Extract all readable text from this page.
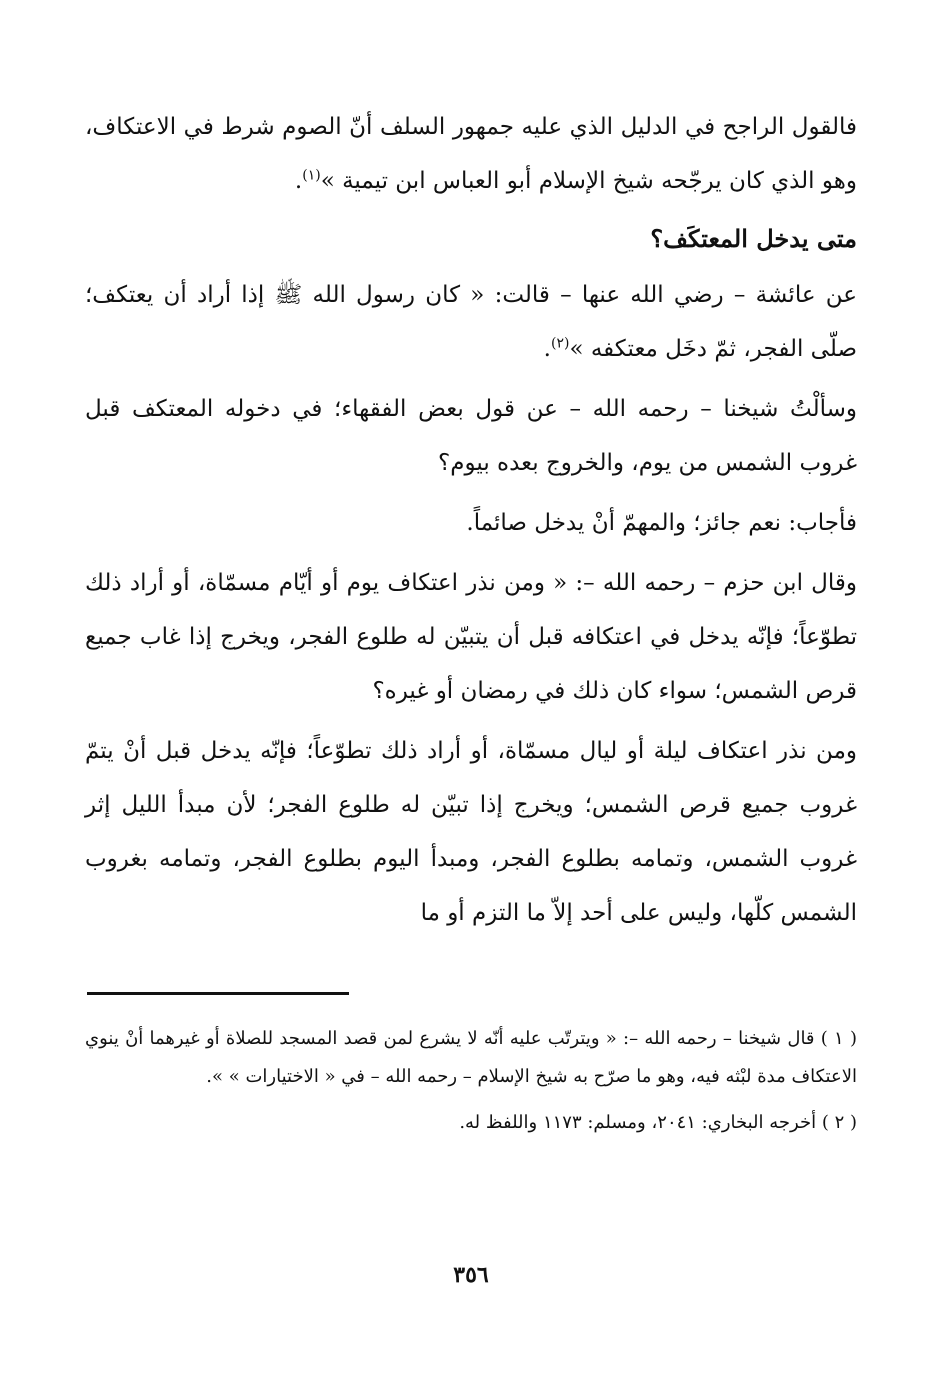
فالقول الراجح في الدليل الذي عليه جمهور السلف أنّ الصوم شرط في الاعتكاف، وهو الذي كان يرجّحه شيخ الإسلام أبو العباس ابن تيمية »$^{(١)}$.

متى يدخل المعتكَف؟

عن عائشة – رضي الله عنها – قالت: « كان رسول الله ﷺ إذا أراد أن يعتكف؛ صلّى الفجر، ثمّ دخَل معتكفه »$^{(٢)}$.

وسألْتُ شيخنا – رحمه الله – عن قول بعض الفقهاء؛ في دخوله المعتكف قبل غروب الشمس من يوم، والخروج بعده بيوم؟

فأجاب: نعم جائز؛ والمهمّ أنْ يدخل صائماً.

وقال ابن حزم – رحمه الله –: « ومن نذر اعتكاف يوم أو أيّام مسمّاة، أو أراد ذلك تطوّعاً؛ فإنّه يدخل في اعتكافه قبل أن يتبيّن له طلوع الفجر، ويخرج إذا غاب جميع قرص الشمس؛ سواء كان ذلك في رمضان أو غيره؟

ومن نذر اعتكاف ليلة أو ليال مسمّاة، أو أراد ذلك تطوّعاً؛ فإنّه يدخل قبل أنْ يتمّ غروب جميع قرص الشمس؛ ويخرج إذا تبيّن له طلوع الفجر؛ لأن مبدأ الليل إثر غروب الشمس، وتمامه بطلوع الفجر، ومبدأ اليوم بطلوع الفجر، وتمامه بغروب الشمس كلّها، وليس على أحد إلاّ ما التزم أو ما

( ١ ) قال شيخنا – رحمه الله –: « ويترتّب عليه أنّه لا يشرع لمن قصد المسجد للصلاة أو غيرهما أنْ ينوي الاعتكاف مدة لبْثه فيه، وهو ما صرّح به شيخ الإسلام – رحمه الله – في « الاختيارات » ».

( ٢ ) أخرجه البخاري: ٢٠٤١، ومسلم: ١١٧٣ واللفظ له.

٣٥٦
